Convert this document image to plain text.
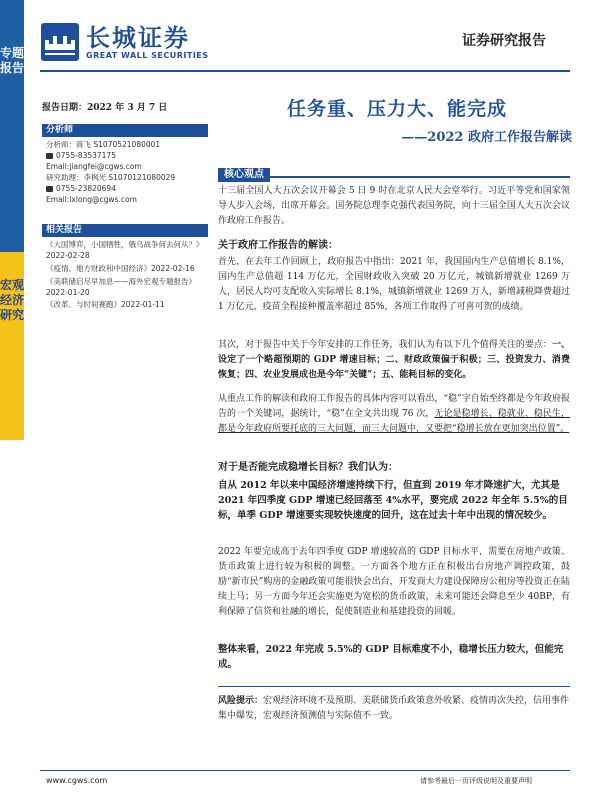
专题报告
宏观经济研究
长城证券
GREAT WALL SECURITIES
证券研究报告
报告日期：2022 年 3 月 7 日
分析师
分析师：蒋飞 S1070521080001
0755-83537175
Email:jiangfei@cgws.com
研究助理：李枫光 S1070121080029
0755-23820694
Email:lxlong@cgws.com
相关报告
《大国博弈，小国牺牲，俄乌战争何去何从？》2022-02-28
《疫情、地方财政和中国经济》2022-02-16
《美联储启尽早加息——海外宏观专题报告》2022-01-20
《改革、与时间赛跑》2022-01-11
任务重、压力大、能完成
——2022 政府工作报告解读
核心观点
十三届全国人大五次会议开幕会 5 日 9 时在北京人民大会堂举行。习近平等党和国家领导人步入会场，出席开幕会。国务院总理李克强代表国务院，向十三届全国人大五次会议作政府工作报告。
关于政府工作报告的解读：
首先，在去年工作回顾上，政府报告中指出：2021 年，我国国内生产总值增长 8.1%，国内生产总值超 114 万亿元，全国财政收入突破 20 万亿元，城镇新增就业 1269 万人，居民人均可支配收入实际增长 8.1%，城镇新增就业 1269 万人，新增减税降费超过 1 万亿元，疫苗全程接种覆盖率超过 85%，各项工作取得了可喜可贺的成绩。
其次，对于报告中关于今年安排的工作任务，我们认为有以下几个值得关注的要点：一、设定了一个略超预期的 GDP 增速目标；二、财政政策偏于积极；三、投资发力、消费恢复；四、农业发展成也是今年“关键”；五、能耗目标的变化。
从重点工作的解读和政府工作报告的具体内容可以看出，“稳”字自始至终都是今年政府报告的一个关键词，据统计，“稳”在全文共出现 76 次，无论是稳增长、稳就业、稳民生，都是今年政府所要托底的三大问题，而三大问题中，又要把“稳增长放在更加突出位置”。
对于是否能完成稳增长目标？我们认为：
自从 2012 年以来中国经济增速持续下行，但直到 2019 年才降速扩大，尤其是 2021 年四季度 GDP 增速已经回落至 4%水平，要完成 2022 年全年 5.5%的目标，单季 GDP 增速要实现较快速度的回升，这在过去十年中出现的情况较少。
2022 年要完成高于去年四季度 GDP 增速较高的 GDP 目标水平，需要在房地产政策、货币政策上进行较为积极的调整。一方面各个地方正在积极出台房地产调控政策，鼓励“新市民”购房的金融政策可能很快会出台，开发商大力建设保障房公租房等投资正在陆续上马；另一方面今年还会实施更为宽松的货币政策，未来可能还会降息至少 40BP，有利保障了信贷和社融的增长，促使制造业和基建投资的回暖。
整体来看，2022 年完成 5.5%的 GDP 目标难度不小，稳增长压力较大，但能完成。
风险提示：宏观经济环境不及预期、美联储货币政策意外收紧、疫情再次失控，信用事件集中爆发，宏观经济预测值与实际值不一致。
www.cgws.com	请参考最后一页评级说明及重要声明
